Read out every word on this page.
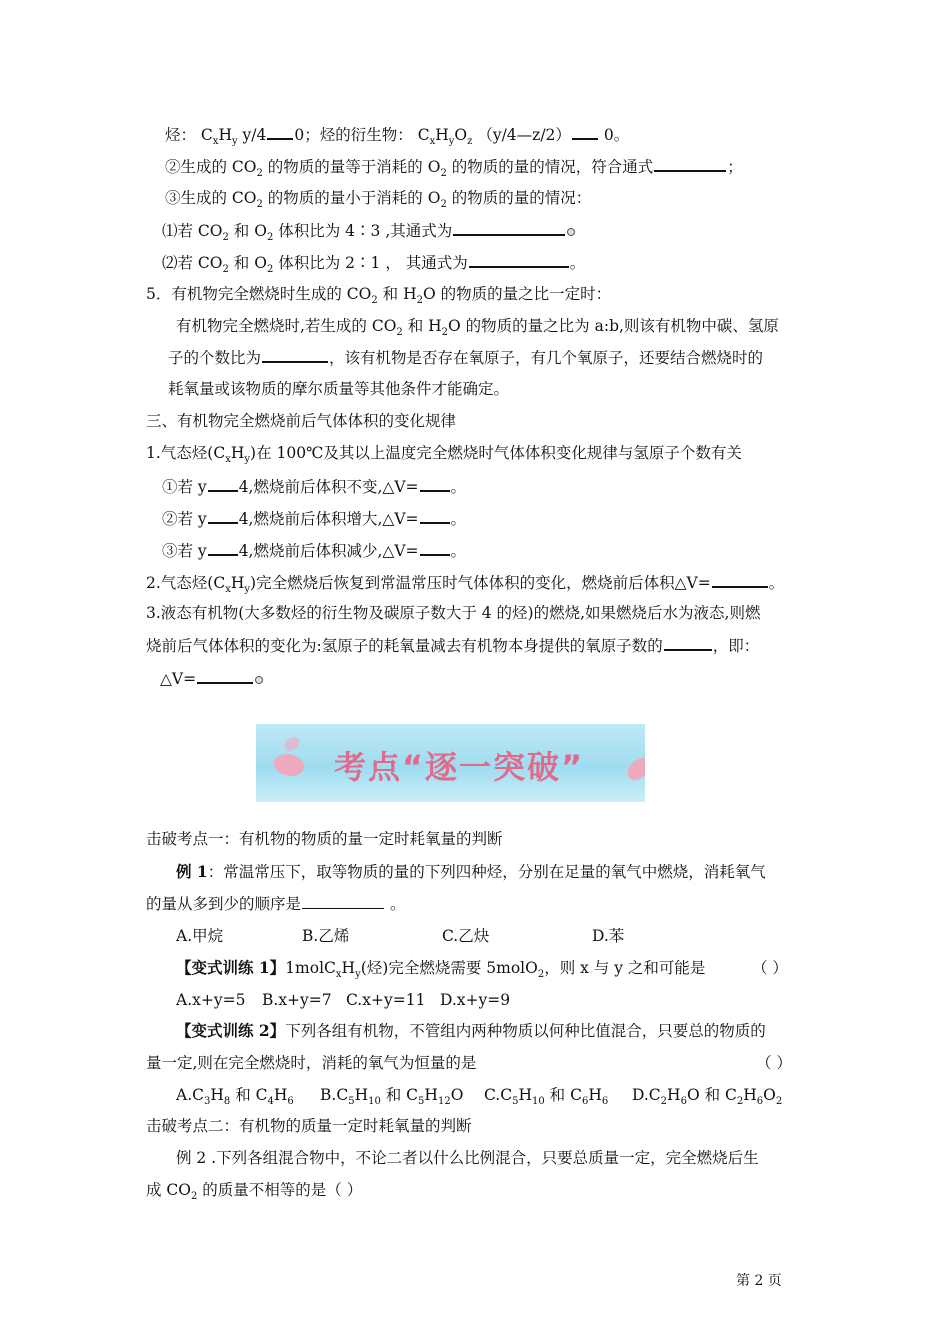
烃： $C_xH_y$ y/4 0；烃的衍生物： $C_xH_yO_z$ （y/4—z/2） 0。
②生成的 $CO_2$ 的物质的量等于消耗的 $O_2$ 的物质的量的情况，符合通式	；
③生成的 $CO_2$ 的物质的量小于消耗的 $O_2$ 的物质的量的情况：
⑴若 $CO_2$ 和 $O_2$ 体积比为 4∶3 ,其通式为
⑵若 $CO_2$ 和 $O_2$ 体积比为 2∶1 ， 其通式为	。
5．有机物完全燃烧时生成的 $CO_2$ 和 $H_2O$ 的物质的量之比一定时：
有机物完全燃烧时,若生成的 $CO_2$ 和 $H_2O$ 的物质的量之比为 a:b,则该有机物中碳、氢原
子的个数比为	，该有机物是否存在氧原子，有几个氧原子，还要结合燃烧时的
耗氧量或该物质的摩尔质量等其他条件才能确定。
三、有机物完全燃烧前后气体体积的变化规律
1.气态烃$(C_xH_y)$在 100℃及其以上温度完全燃烧时气体体积变化规律与氢原子个数有关
①若 y 4,燃烧前后体积不变,△V= 。
②若 y 4,燃烧前后体积增大,△V= 。
③若 y 4,燃烧前后体积减少,△V= 。
2.气态烃$(C_xH_y)$完全燃烧后恢复到常温常压时气体体积的变化，燃烧前后体积△V=	。
3.液态有机物(大多数烃的衍生物及碳原子数大于 4 的烃)的燃烧,如果燃烧后水为液态,则燃
烧前后气体体积的变化为:氢原子的耗氧量减去有机物本身提供的氧原子数的	，即：
△V=
考点“逐一突破”
击破考点一：有机物的物质的量一定时耗氧量的判断
例 1：常温常压下，取等物质的量的下列四种烃，分别在足量的氧气中燃烧，消耗氧气
的量从多到少的顺序是	。
A.甲烷	B.乙烯	C.乙炔	D.苯
【变式训练 1】$1molC_xH_y$(烃)完全燃烧需要 5molO$_2$，则 x 与 y 之和可能是	（ ）
A.x+y=5 B.x+y=7 C.x+y=11 D.x+y=9
【变式训练 2】下列各组有机物，不管组内两种物质以何种比值混合，只要总的物质的
量一定,则在完全燃烧时，消耗的氧气为恒量的是	（ ）
$A.C_3H_8$ 和 $C_4H_6$ $B.C_5H_{10}$ 和 $C_5H_{12}O$ $C.C_5H_{10}$ 和 $C_6H_6$ $D.C_2H_6O$ 和 $C_2H_6O_2$
击破考点二：有机物的质量一定时耗氧量的判断
例 2 .下列各组混合物中，不论二者以什么比例混合，只要总质量一定，完全燃烧后生
成 $CO_2$ 的质量不相等的是（ ）
第 2 页
